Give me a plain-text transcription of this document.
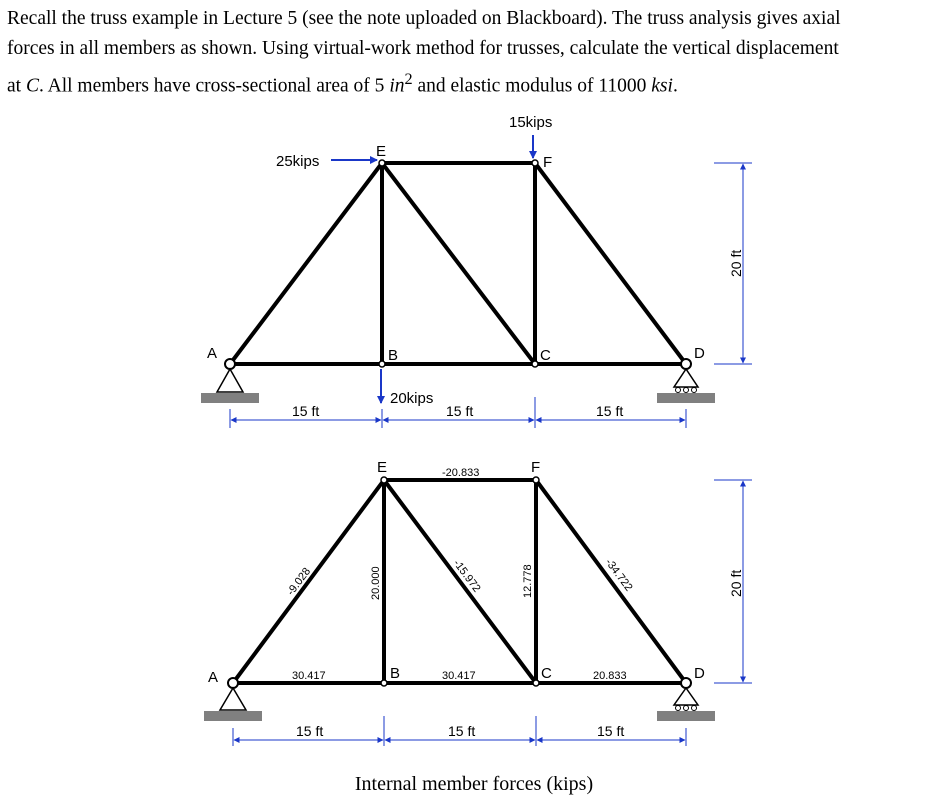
Recall the truss example in Lecture 5 (see the note uploaded on Blackboard). The truss analysis gives axial
forces in all members as shown. Using virtual-work method for trusses, calculate the vertical displacement
at C. All members have cross-sectional area of 5 $in^2$ and elastic modulus of 11000 ksi.
A	B	C	D
E
F
25kips
15kips
20kips
15 ft	15 ft	15 ft
20 ft
A	B	C	D
E	F
-20.833
-9.028	20.000	-15.972	12.778	-34.722
30.417	30.417	20.833
15 ft	15 ft	15 ft
20 ft
Internal member forces (kips)
